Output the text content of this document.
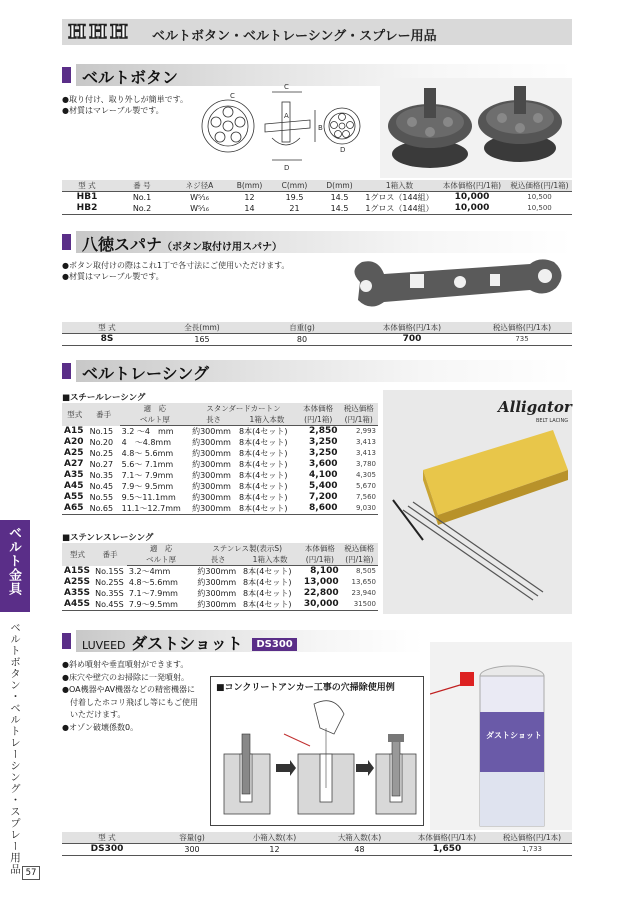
HHH ベルトボタン・ベルトレーシング・スプレー用品
ベルトボタン
●取り付け、取り外しが簡単です。
●材質はマレーブル製です。
C
C
A
B
D
D
型 式	番 号	ネジ径A	B(mm)	C(mm)	D(mm)	1箱入数	本体価格(円/1箱)	税込価格(円/1箱)
HB1	No.1	W⁵⁄₁₆	12	19.5	14.5	1グロス（144組）	10,000	10,500
HB2	No.2	W⁵⁄₁₆	14	21	14.5	1グロス（144組）	10,000	10,500
八徳スパナ（ボタン取付け用スパナ）
●ボタン取付けの際はこれ1丁で各寸法にご使用いただけます。
●材質はマレーブル製です。
型 式	全長(mm)	自重(g)	本体価格(円/1本)	税込価格(円/1本)
8S	165	80	700	735
ベルトレーシング
■スチールレーシング
型式	番手	適　応	スタンダードカートン		本体価格	税込価格
		ベルト厚	長さ	1箱入本数	(円/1箱)	(円/1箱)
A15	No.15	3.2 ～4　mm	約300mm	8本(4セット)	2,850	2,993
A20	No.20	4　～4.8mm	約300mm	8本(4セット)	3,250	3,413
A25	No.25	4.8～ 5.6mm	約300mm	8本(4セット)	3,250	3,413
A27	No.27	5.6～ 7.1mm	約300mm	8本(4セット)	3,600	3,780
A35	No.35	7.1～ 7.9mm	約300mm	8本(4セット)	4,100	4,305
A45	No.45	7.9～ 9.5mm	約300mm	8本(4セット)	5,400	5,670
A55	No.55	9.5～11.1mm	約300mm	8本(4セット)	7,200	7,560
A65	No.65	11.1～12.7mm	約300mm	8本(4セット)	8,600	9,030
■ステンレスレーシング
型式	番手	適　応	ステンレス製(表示S)		本体価格	税込価格
		ベルト厚	長さ	1箱入本数	(円/1箱)	(円/1箱)
A15S	No.15S	3.2～4mm	約300mm	8本(4セット)	8,100	8,505
A25S	No.25S	4.8～5.6mm	約300mm	8本(4セット)	13,000	13,650
A35S	No.35S	7.1～7.9mm	約300mm	8本(4セット)	22,800	23,940
A45S	No.45S	7.9～9.5mm	約300mm	8本(4セット)	30,000	31500
Alligator
BELT LACING
LUVEED ダストショット DS300
●斜め噴射や垂直噴射ができます。
●床穴や壁穴のお掃除に一発噴射。
●OA機器やAV機器などの精密機器に
　付着したホコリ飛ばし等にもご使用
　いただけます。
●オゾン破壊係数0。
■コンクリートアンカー工事の穴掃除使用例
ダストショット
型 式	容量(g)	小箱入数(本)	大箱入数(本)	本体価格(円/1本)	税込価格(円/1本)
DS300	300	12	48	1,650	1,733
ベルト金具
ベルトボタン・ベルトレーシング・スプレー用品 57
